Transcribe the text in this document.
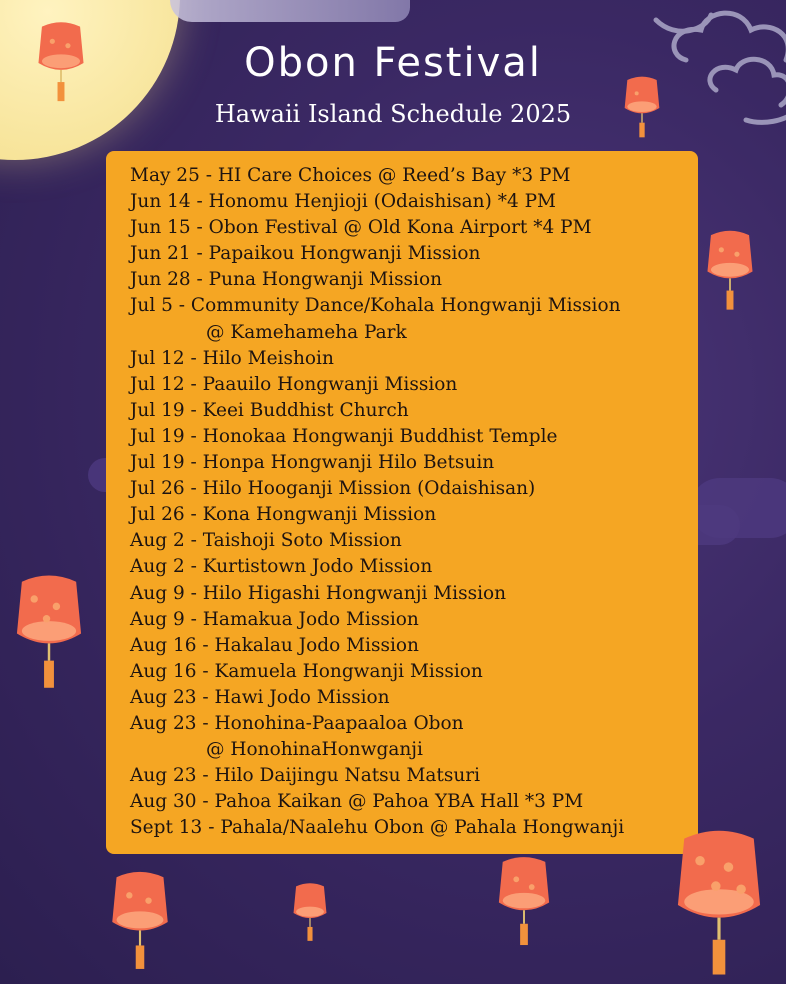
Obon Festival
Hawaii Island Schedule 2025
May 25 - HI Care Choices @ Reed’s Bay *3 PM
Jun 14 - Honomu Henjioji (Odaishisan) *4 PM
Jun 15 - Obon Festival @ Old Kona Airport *4 PM
Jun 21 - Papaikou Hongwanji Mission
Jun 28 - Puna Hongwanji Mission
Jul 5 - Community Dance/Kohala Hongwanji Mission
@ Kamehameha Park
Jul 12 - Hilo Meishoin
Jul 12 - Paauilo Hongwanji Mission
Jul 19 - Keei Buddhist Church
Jul 19 - Honokaa Hongwanji Buddhist Temple
Jul 19 - Honpa Hongwanji Hilo Betsuin
Jul 26 - Hilo Hooganji Mission (Odaishisan)
Jul 26 - Kona Hongwanji Mission
Aug 2 - Taishoji Soto Mission
Aug 2 - Kurtistown Jodo Mission
Aug 9 - Hilo Higashi Hongwanji Mission
Aug 9 - Hamakua Jodo Mission
Aug 16 - Hakalau Jodo Mission
Aug 16 - Kamuela Hongwanji Mission
Aug 23 - Hawi Jodo Mission
Aug 23 - Honohina-Paapaaloa Obon
@ HonohinaHonwganji
Aug 23 - Hilo Daijingu Natsu Matsuri
Aug 30 - Pahoa Kaikan @ Pahoa YBA Hall *3 PM
Sept 13 - Pahala/Naalehu Obon @ Pahala Hongwanji
